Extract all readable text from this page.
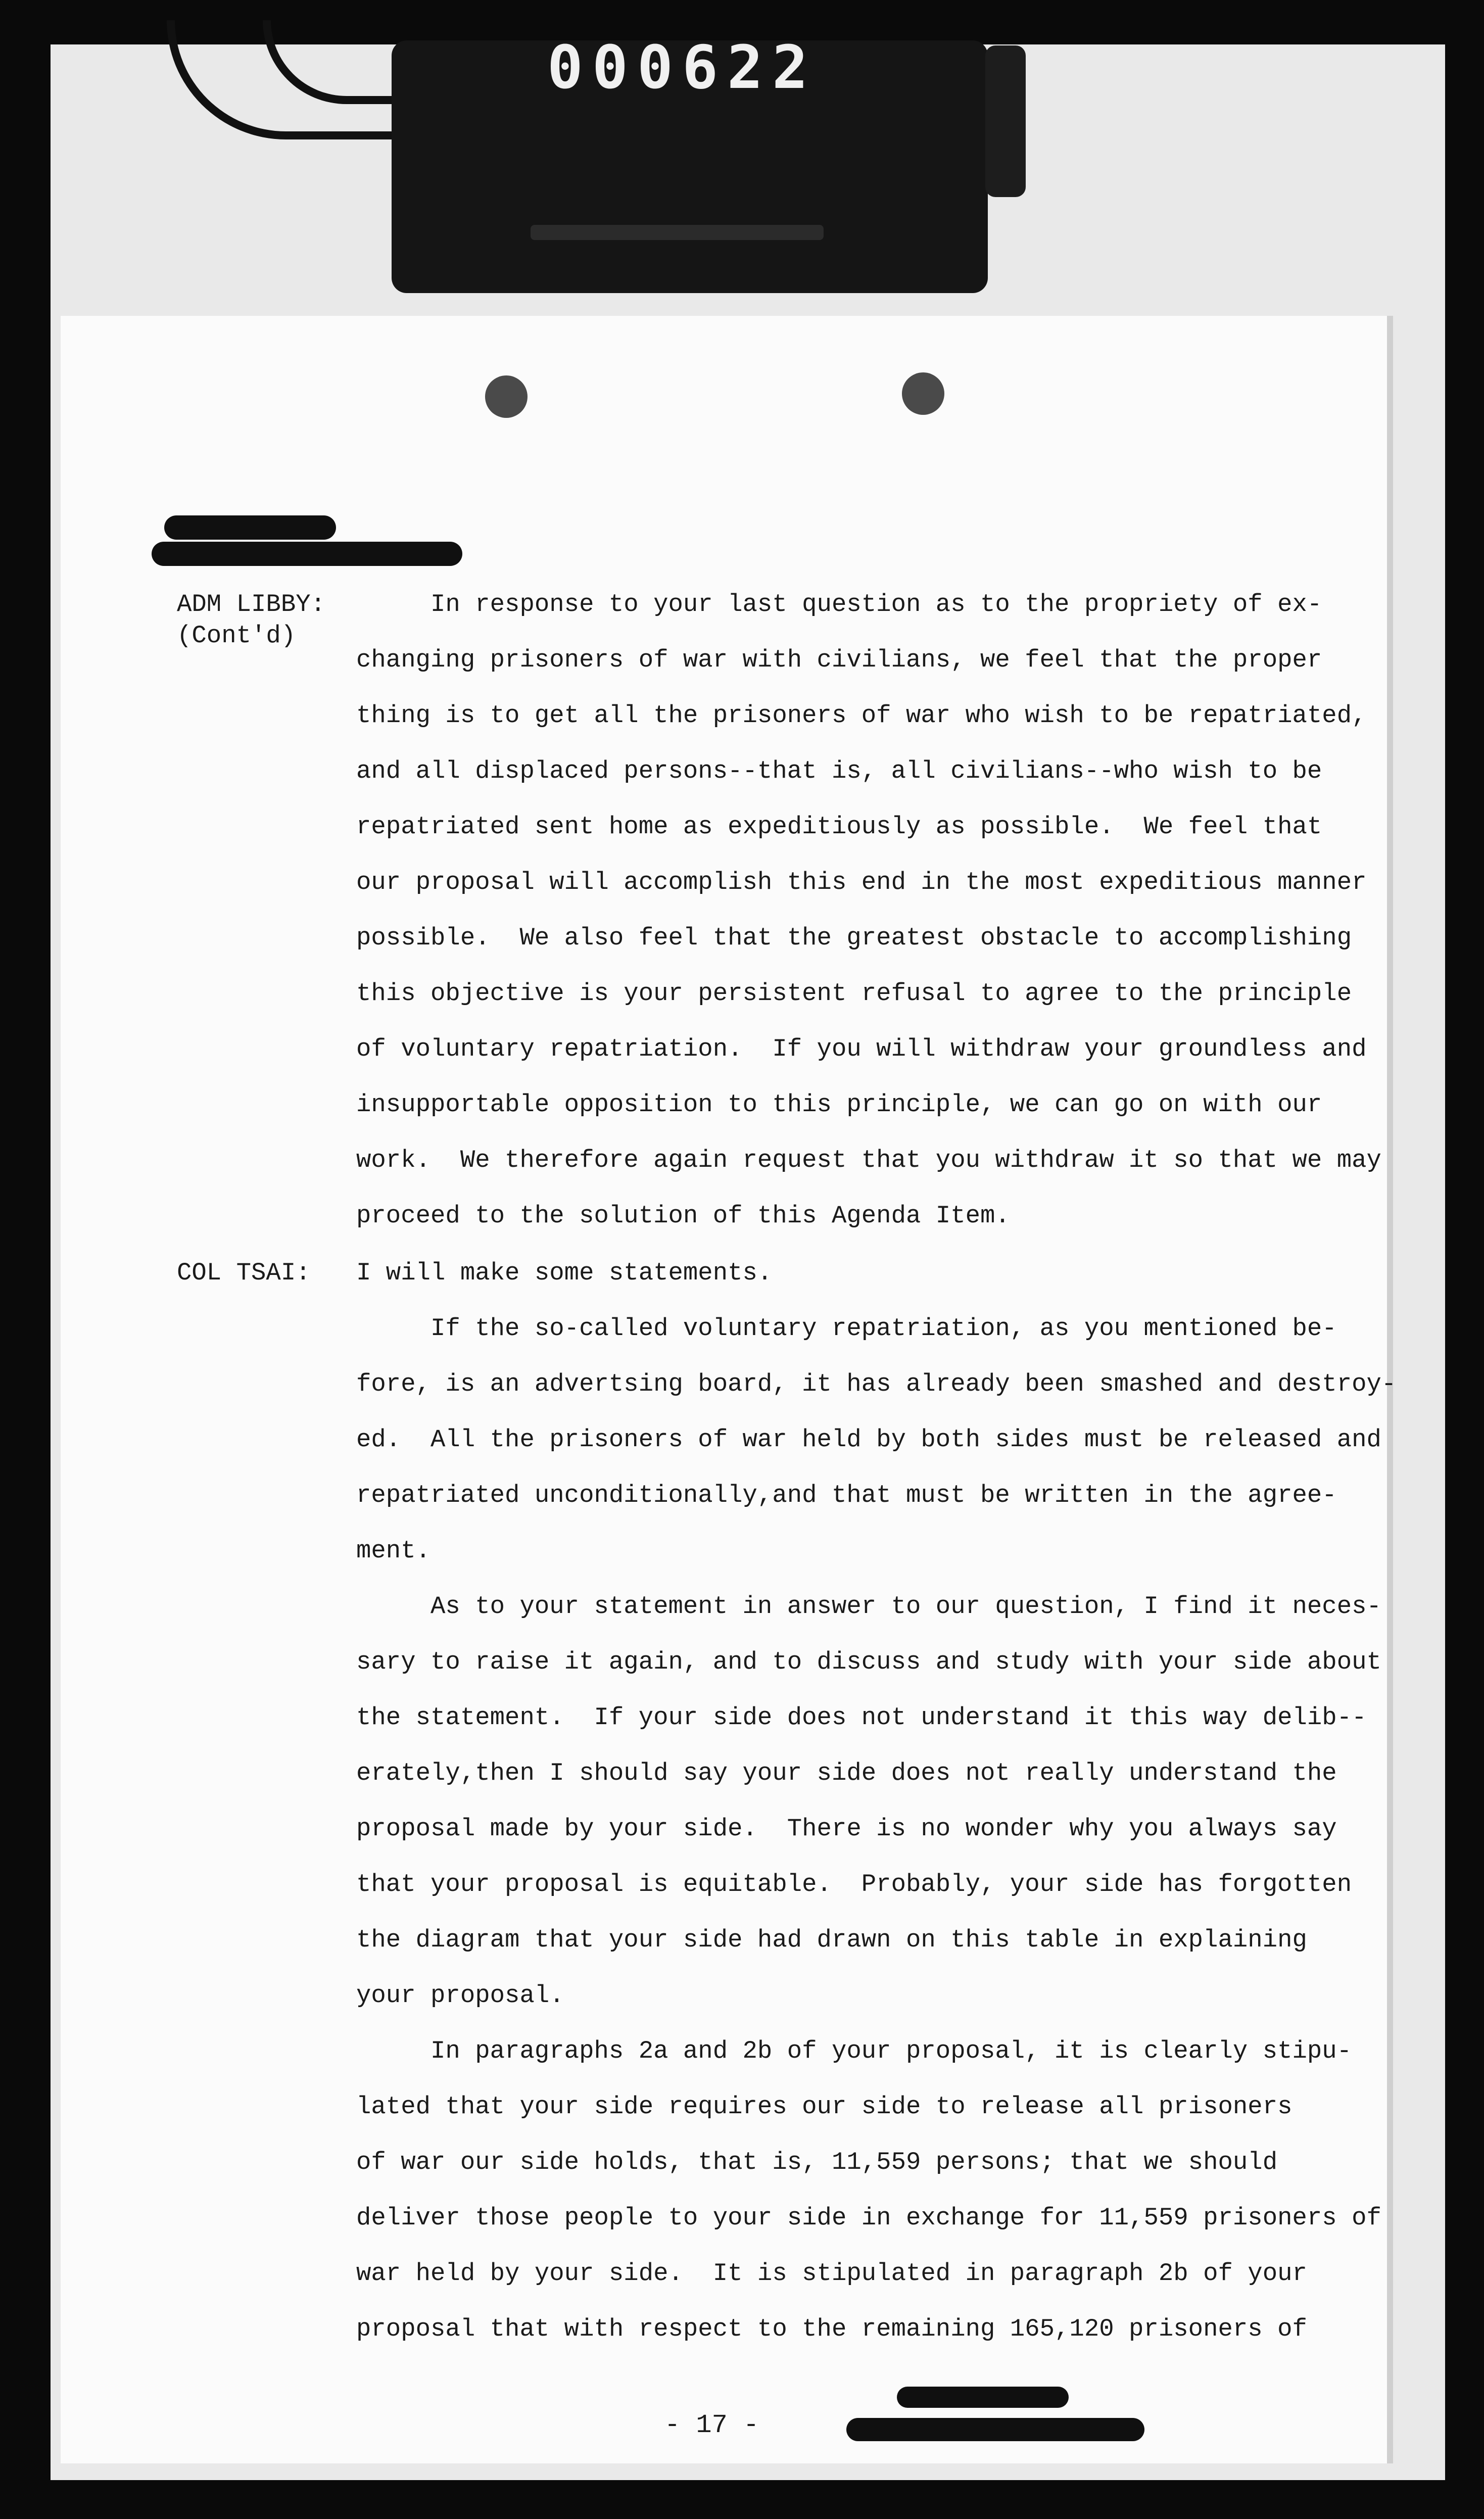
000622
ADM LIBBY:
(Cont'd)
COL TSAI:
In response to your last question as to the propriety of ex-
changing prisoners of war with civilians, we feel that the proper
thing is to get all the prisoners of war who wish to be repatriated,
and all displaced persons--that is, all civilians--who wish to be
repatriated sent home as expeditiously as possible.  We feel that
our proposal will accomplish this end in the most expeditious manner
possible.  We also feel that the greatest obstacle to accomplishing
this objective is your persistent refusal to agree to the principle
of voluntary repatriation.  If you will withdraw your groundless and
insupportable opposition to this principle, we can go on with our
work.  We therefore again request that you withdraw it so that we may
proceed to the solution of this Agenda Item.
I will make some statements.
If the so-called voluntary repatriation, as you mentioned be-
fore, is an advertsing board, it has already been smashed and destroy-
ed.  All the prisoners of war held by both sides must be released and
repatriated unconditionally,and that must be written in the agree-
ment.
As to your statement in answer to our question, I find it neces-
sary to raise it again, and to discuss and study with your side about
the statement.  If your side does not understand it this way delib--
erately,then I should say your side does not really understand the
proposal made by your side.  There is no wonder why you always say
that your proposal is equitable.  Probably, your side has forgotten
the diagram that your side had drawn on this table in explaining
your proposal.
In paragraphs 2a and 2b of your proposal, it is clearly stipu-
lated that your side requires our side to release all prisoners
of war our side holds, that is, 11,559 persons; that we should
deliver those people to your side in exchange for 11,559 prisoners of
war held by your side.  It is stipulated in paragraph 2b of your
proposal that with respect to the remaining 165,120 prisoners of
- 17 -
